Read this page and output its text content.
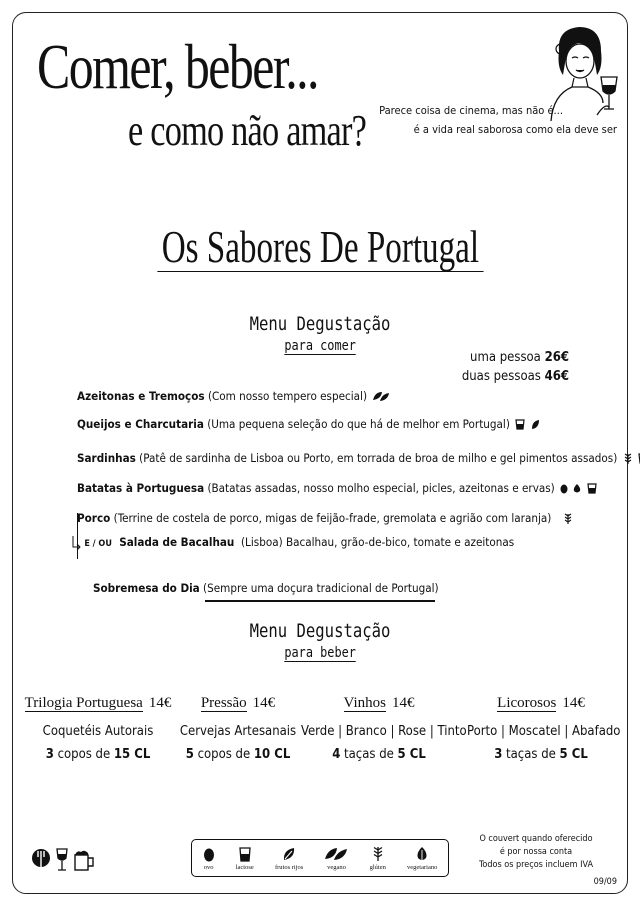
Comer, beber...
e como não amar? Parece coisa de cinema, mas não é...
é a vida real saborosa como ela deve ser
Os Sabores De Portugal
Menu Degustação
para comer
uma pessoa 26€
duas pessoas 46€
Azeitonas e Tremoços (Com nosso tempero especial)
Queijos e Charcutaria (Uma pequena seleção do que há de melhor em Portugal)
Sardinhas (Patê de sardinha de Lisboa ou Porto, em torrada de broa de milho e gel pimentos assados)
Batatas à Portuguesa (Batatas assadas, nosso molho especial, picles, azeitonas e ervas)
Porco (Terrine de costela de porco, migas de feijão-frade, gremolata e agrião com laranja)
E / OU Salada de Bacalhau (Lisboa) Bacalhau, grão-de-bico, tomate e azeitonas
Sobremesa do Dia (Sempre uma doçura tradicional de Portugal)
Menu Degustação
para beber
Trilogia Portuguesa 14€
Coquetéis Autorais
3 copos de 15 CL
Pressão 14€
Cervejas Artesanais
5 copos de 10 CL
Vinhos 14€
Verde | Branco | Rose | Tinto
4 taças de 5 CL
Licorosos 14€
Porto | Moscatel | Abafado
3 taças de 5 CL
ovo	lactose	frutos rijos	vegano	glúten	vegetariano
O couvert quando oferecido
é por nossa conta
Todos os preços incluem IVA
09/09
